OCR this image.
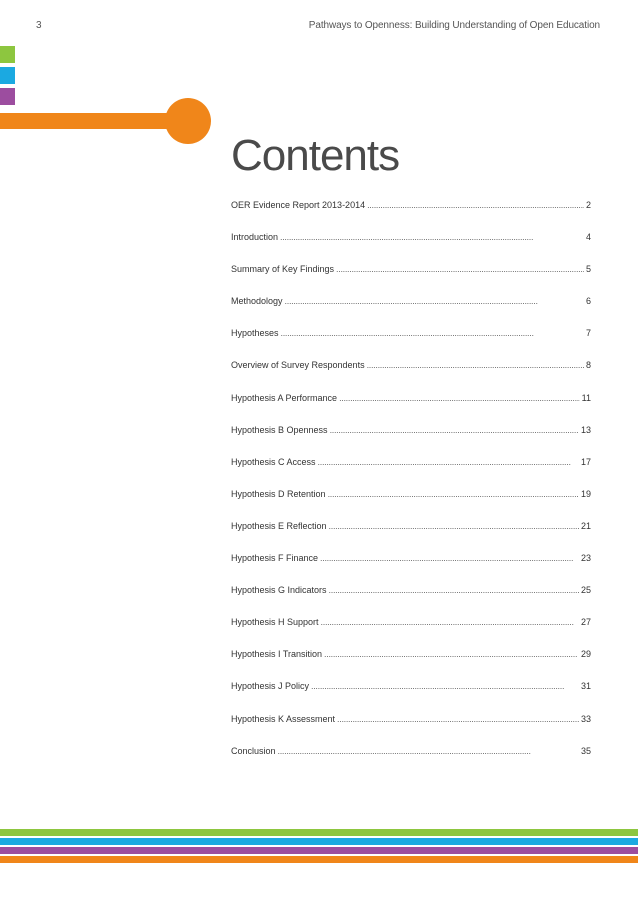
3	Pathways to Openness: Building Understanding of Open Education
Contents
OER Evidence Report 2013-2014 . . .	2
Introduction . . .	4
Summary of Key Findings . . .	5
Methodology . . .	6
Hypotheses . . .	7
Overview of Survey Respondents . . .	8
Hypothesis A Performance . . .	11
Hypothesis B Openness . . .	13
Hypothesis C Access . . .	17
Hypothesis D Retention . . .	19
Hypothesis E Reflection . . .	21
Hypothesis F Finance . . .	23
Hypothesis G Indicators . . .	25
Hypothesis H Support . . .	27
Hypothesis I Transition . . .	29
Hypothesis J Policy . . .	31
Hypothesis K Assessment . . .	33
Conclusion . . .	35
